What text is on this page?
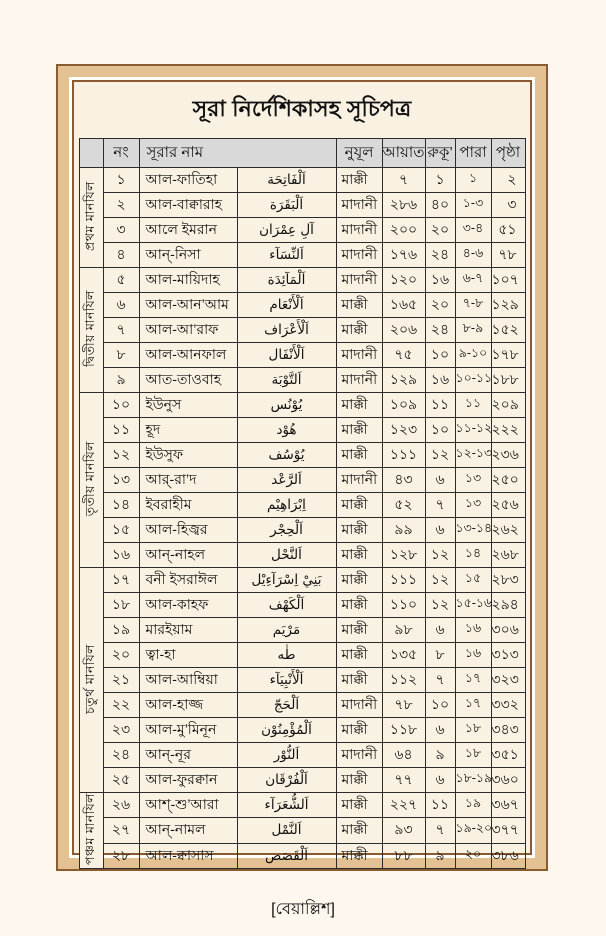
সূরা নির্দেশিকাসহ সূচিপত্র
	নং	সূরার নাম		নুযূল	আয়াত	রুকূ’	পারা	পৃষ্ঠা
প্রথম মানযিল	১	আল-ফাতিহা	اَلْفَاتِحَة	মাক্কী	৭	১	১	২
	২	আল-বাক্বারাহ	اَلْبَقَرَة	মাদানী	২৮৬	৪০	১-৩	৩
	৩	আলে ইমরান	آلِ عِمْرَان	মাদানী	২০০	২০	৩-৪	৫১
	৪	আন্-নিসা	اَلنِّسَآء	মাদানী	১৭৬	২৪	৪-৬	৭৮
দ্বিতীয় মানযিল	৫	আল-মায়িদাহ	اَلْمَآئِدَة	মাদানী	১২০	১৬	৬-৭	১০৭
	৬	আল-আন’আম	اَلْأَنْعَام	মাক্কী	১৬৫	২০	৭-৮	১২৯
	৭	আল-আ’রাফ	اَلْأَعْرَاف	মাক্কী	২০৬	২৪	৮-৯	১৫২
	৮	আল-আনফাল	اَلْأَنْفَال	মাদানী	৭৫	১০	৯-১০	১৭৮
	৯	আত-তাওবাহ	اَلتَّوْبَة	মাদানী	১২৯	১৬	১০-১১	১৮৮
তৃতীয় মানযিল	১০	ইউনুস	يُوْنُس	মাক্কী	১০৯	১১	১১	২০৯
	১১	হূদ	هُوْد	মাক্কী	১২৩	১০	১১-১২	২২২
	১২	ইউসুফ	يُوْسُف	মাক্কী	১১১	১২	১২-১৩	২৩৬
	১৩	আর্-রা’দ	اَلرَّعْد	মাদানী	৪৩	৬	১৩	২৫০
	১৪	ইবরাহীম	اِبْرَاهِيْم	মাক্কী	৫২	৭	১৩	২৫৬
	১৫	আল-হিজ্বর	اَلْحِجْر	মাক্কী	৯৯	৬	১৩-১৪	২৬২
	১৬	আন্-নাহল	اَلنَّحْل	মাক্কী	১২৮	১২	১৪	২৬৮
চতুর্থ মানযিল	১৭	বনী ইসরাঈল	بَنِيْ اِسْرَآءِيْل	মাক্কী	১১১	১২	১৫	২৮৩
	১৮	আল-কাহফ	اَلْكَهْف	মাক্কী	১১০	১২	১৫-১৬	২৯৪
	১৯	মারইয়াম	مَرْيَم	মাক্কী	৯৮	৬	১৬	৩০৬
	২০	ত্বা-হা	طٰه	মাক্কী	১৩৫	৮	১৬	৩১৩
	২১	আল-আম্বিয়া	اَلْأَنْبِيَآء	মাক্কী	১১২	৭	১৭	৩২৩
	২২	আল-হাজ্জ	اَلْحَجّ	মাদানী	৭৮	১০	১৭	৩৩২
	২৩	আল-মু’মিনূন	اَلْمُؤْمِنُوْن	মাক্কী	১১৮	৬	১৮	৩৪৩
	২৪	আন্-নূর	اَلنُّوْر	মাদানী	৬৪	৯	১৮	৩৫১
	২৫	আল-ফুরক্বান	اَلْفُرْقَان	মাক্কী	৭৭	৬	১৮-১৯	৩৬০
পঞ্চম মানযিল	২৬	আশ্-শু’আরা	اَلشُّعَرَآء	মাক্কী	২২৭	১১	১৯	৩৬৭
	২৭	আন্-নামল	اَلنَّمْل	মাক্কী	৯৩	৭	১৯-২০	৩৭৭
	২৮	আল-ক্বাসাস	اَلْقَصَص	মাক্কী	৮৮	৯	২০	৩৮৬
[বেয়াল্লিশ]
